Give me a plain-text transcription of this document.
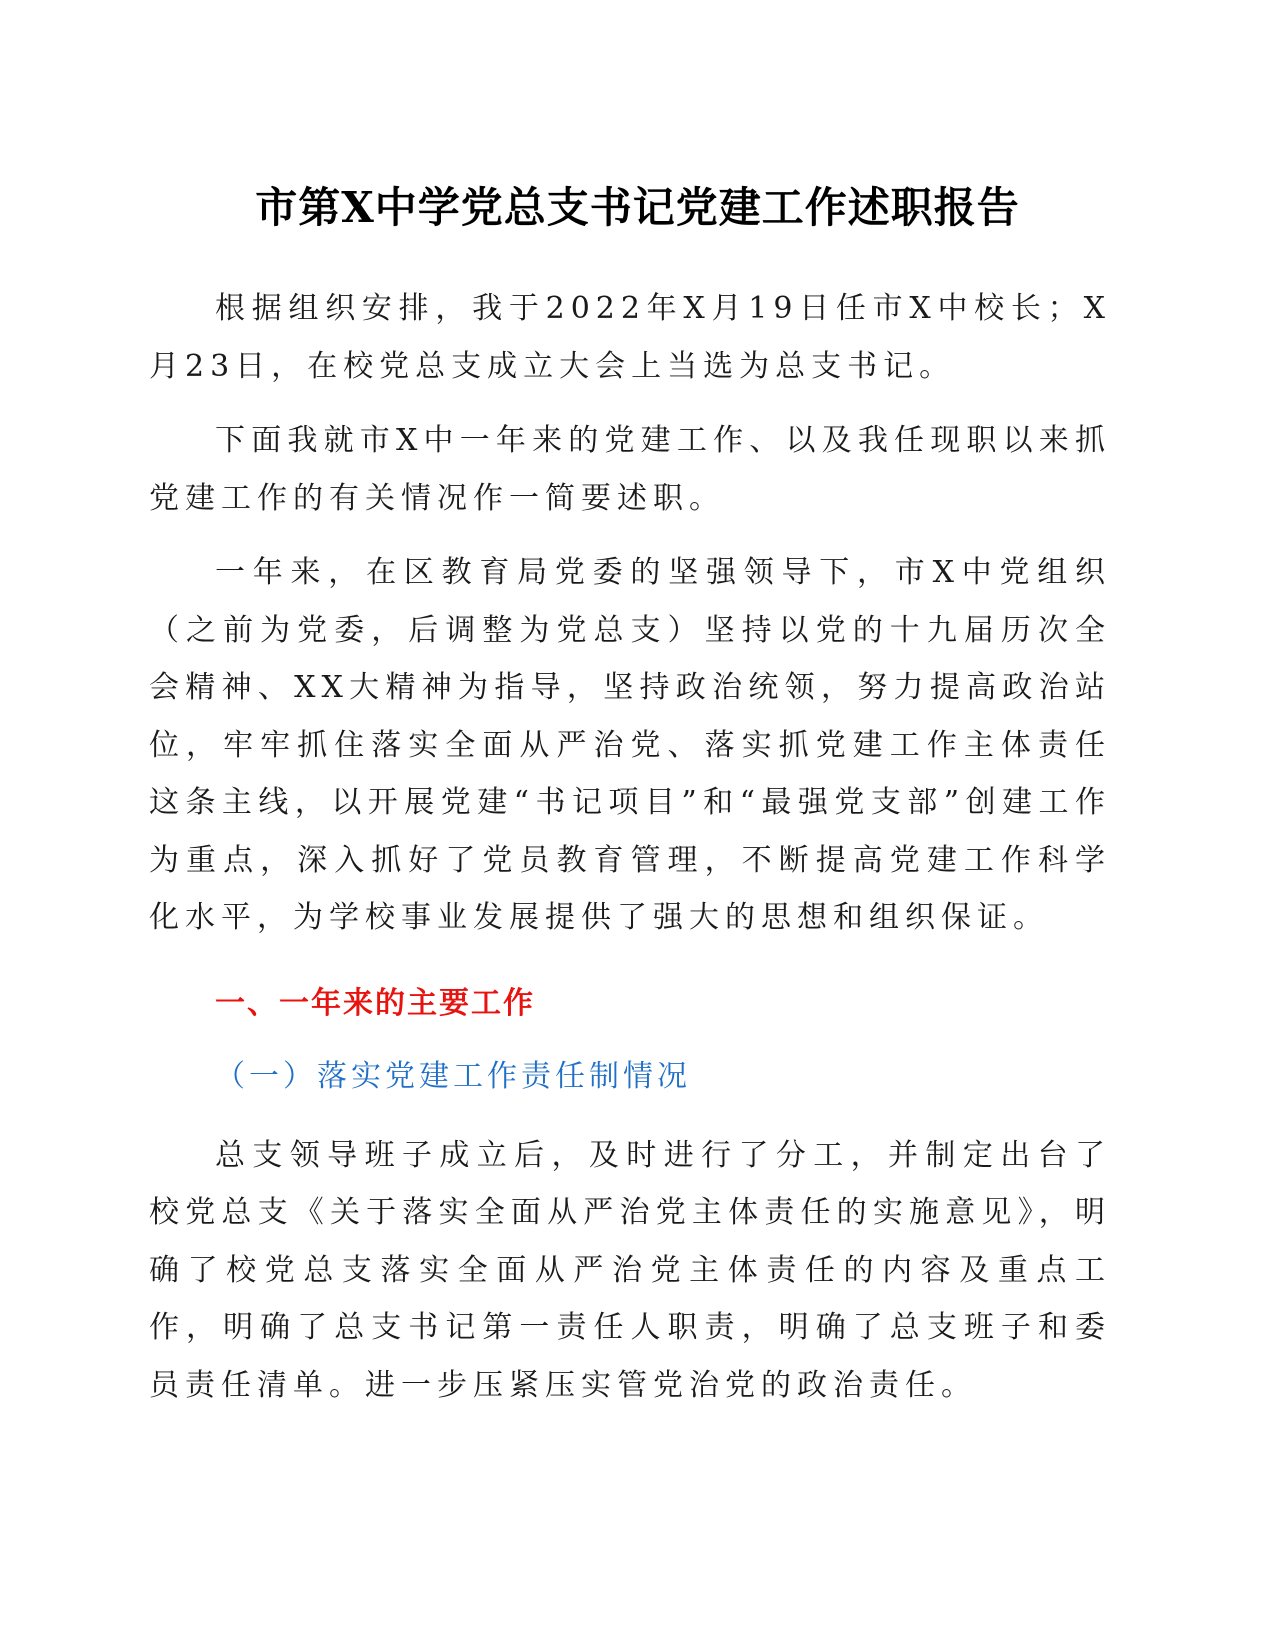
市第X中学党总支书记党建工作述职报告

根据组织安排，我于2022年X月19日任市X中校长；X月23日，在校党总支成立大会上当选为总支书记。

下面我就市X中一年来的党建工作、以及我任现职以来抓党建工作的有关情况作一简要述职。

一年来，在区教育局党委的坚强领导下，市X中党组织（之前为党委，后调整为党总支）坚持以党的十九届历次全会精神、XX大精神为指导，坚持政治统领，努力提高政治站位，牢牢抓住落实全面从严治党、落实抓党建工作主体责任这条主线，以开展党建“书记项目”和“最强党支部”创建工作为重点，深入抓好了党员教育管理，不断提高党建工作科学化水平，为学校事业发展提供了强大的思想和组织保证。

一、一年来的主要工作
（一）落实党建工作责任制情况

总支领导班子成立后，及时进行了分工，并制定出台了校党总支《关于落实全面从严治党主体责任的实施意见》，明确了校党总支落实全面从严治党主体责任的内容及重点工作，明确了总支书记第一责任人职责，明确了总支班子和委员责任清单。进一步压紧压实管党治党的政治责任。
